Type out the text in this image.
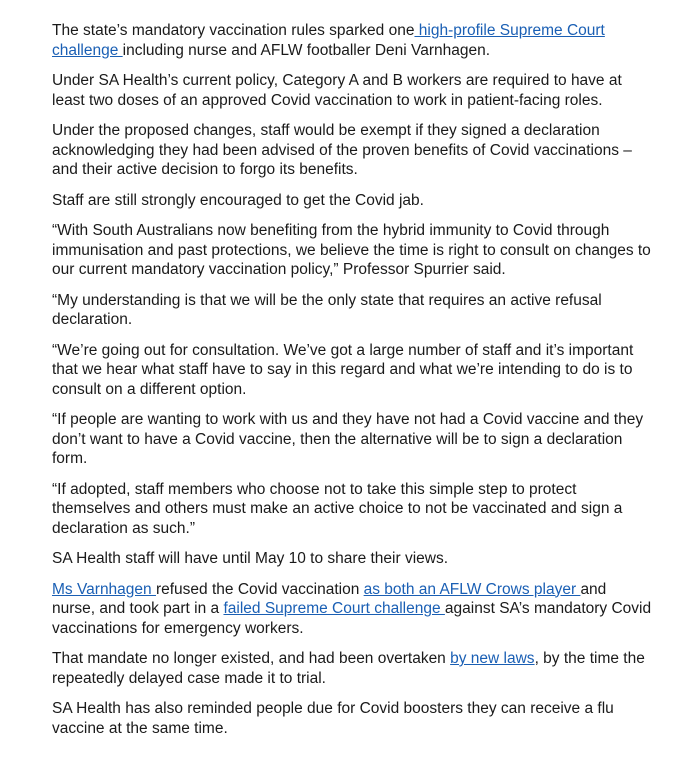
The state’s mandatory vaccination rules sparked one high-profile Supreme Court challenge including nurse and AFLW footballer Deni Varnhagen.

Under SA Health’s current policy, Category A and B workers are required to have at least two doses of an approved Covid vaccination to work in patient-facing roles.

Under the proposed changes, staff would be exempt if they signed a declaration acknowledging they had been advised of the proven benefits of Covid vaccinations – and their active decision to forgo its benefits.

Staff are still strongly encouraged to get the Covid jab.

“With South Australians now benefiting from the hybrid immunity to Covid through immunisation and past protections, we believe the time is right to consult on changes to our current mandatory vaccination policy,” Professor Spurrier said.

“My understanding is that we will be the only state that requires an active refusal declaration.

“We’re going out for consultation. We’ve got a large number of staff and it’s important that we hear what staff have to say in this regard and what we’re intending to do is to consult on a different option.

“If people are wanting to work with us and they have not had a Covid vaccine and they don’t want to have a Covid vaccine, then the alternative will be to sign a declaration form.

“If adopted, staff members who choose not to take this simple step to protect themselves and others must make an active choice to not be vaccinated and sign a declaration as such.”

SA Health staff will have until May 10 to share their views.

Ms Varnhagen refused the Covid vaccination as both an AFLW Crows player and nurse, and took part in a failed Supreme Court challenge against SA’s mandatory Covid vaccinations for emergency workers.

That mandate no longer existed, and had been overtaken by new laws, by the time the repeatedly delayed case made it to trial.

SA Health has also reminded people due for Covid boosters they can receive a flu vaccine at the same time.
